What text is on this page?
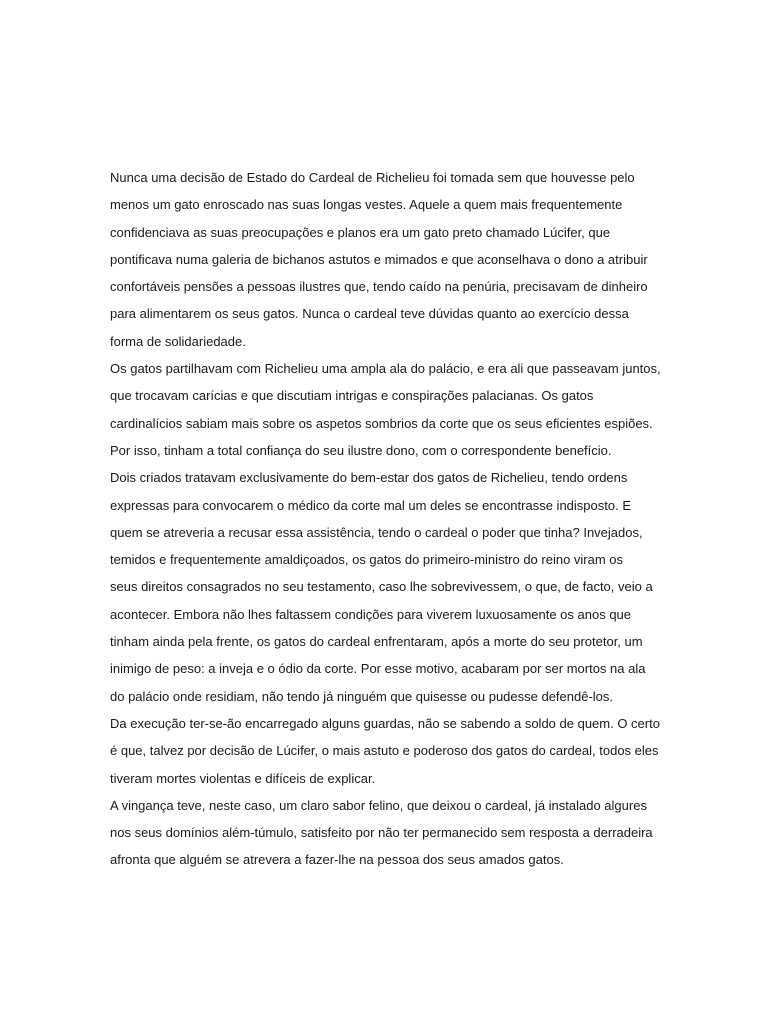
Nunca uma decisão de Estado do Cardeal de Richelieu foi tomada sem que houvesse pelo
menos um gato enroscado nas suas longas vestes. Aquele a quem mais frequentemente
confidenciava as suas preocupações e planos era um gato preto chamado Lúcifer, que
pontificava numa galeria de bichanos astutos e mimados e que aconselhava o dono a atribuir
confortáveis pensões a pessoas ilustres que, tendo caído na penúria, precisavam de dinheiro
para alimentarem os seus gatos. Nunca o cardeal teve dúvidas quanto ao exercício dessa
forma de solidariedade.

Os gatos partilhavam com Richelieu uma ampla ala do palácio, e era ali que passeavam juntos,
que trocavam carícias e que discutiam intrigas e conspirações palacianas. Os gatos
cardinalícios sabiam mais sobre os aspetos sombrios da corte que os seus eficientes espiões.
Por isso, tinham a total confiança do seu ilustre dono, com o correspondente benefício.

Dois criados tratavam exclusivamente do bem-estar dos gatos de Richelieu, tendo ordens
expressas para convocarem o médico da corte mal um deles se encontrasse indisposto. E
quem se atreveria a recusar essa assistência, tendo o cardeal o poder que tinha? Invejados,
temidos e frequentemente amaldiçoados, os gatos do primeiro-ministro do reino viram os
seus direitos consagrados no seu testamento, caso lhe sobrevivessem, o que, de facto, veio a
acontecer. Embora não lhes faltassem condições para viverem luxuosamente os anos que
tinham ainda pela frente, os gatos do cardeal enfrentaram, após a morte do seu protetor, um
inimigo de peso: a inveja e o ódio da corte. Por esse motivo, acabaram por ser mortos na ala
do palácio onde residiam, não tendo já ninguém que quisesse ou pudesse defendê-los.

Da execução ter-se-ão encarregado alguns guardas, não se sabendo a soldo de quem. O certo
é que, talvez por decisão de Lúcifer, o mais astuto e poderoso dos gatos do cardeal, todos eles
tiveram mortes violentas e difíceis de explicar.

A vingança teve, neste caso, um claro sabor felino, que deixou o cardeal, já instalado algures
nos seus domínios além-túmulo, satisfeito por não ter permanecido sem resposta a derradeira
afronta que alguém se atrevera a fazer-lhe na pessoa dos seus amados gatos.
